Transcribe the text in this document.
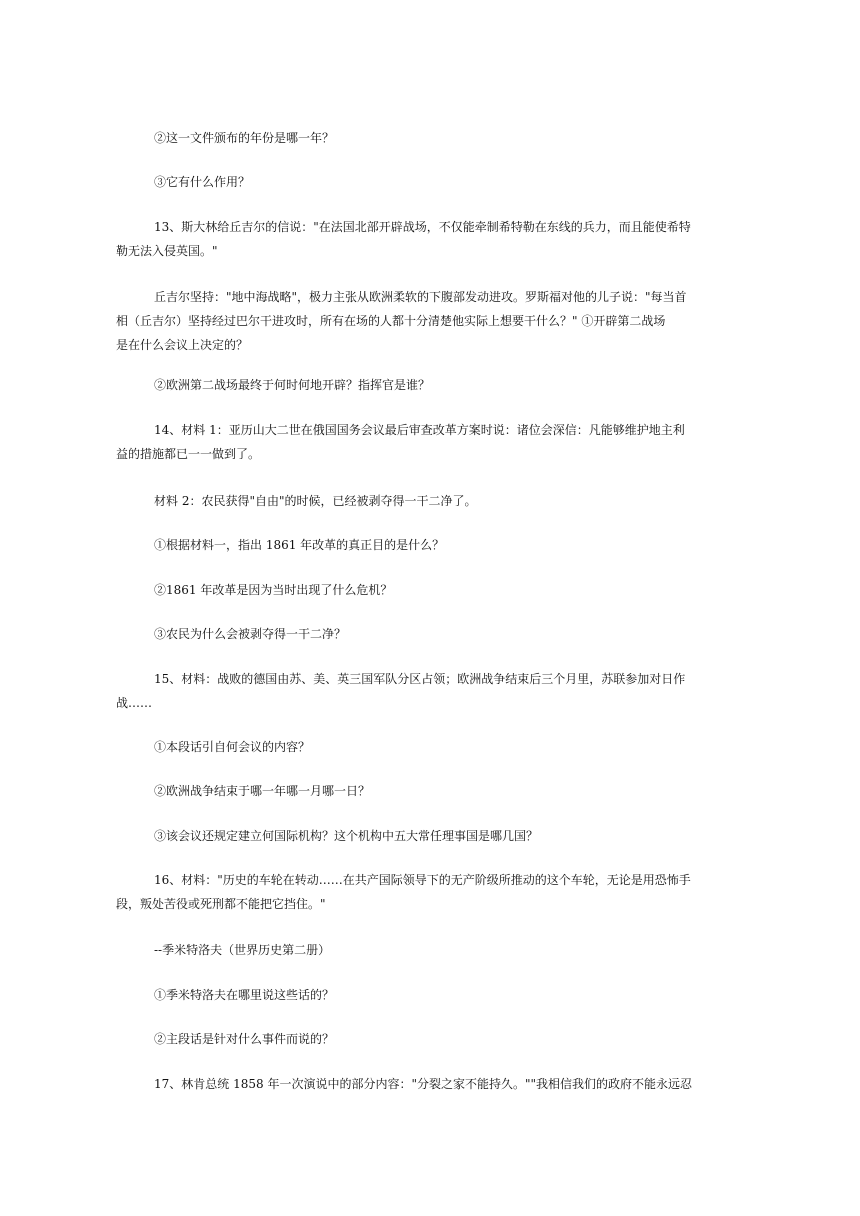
②这一文件颁布的年份是哪一年？

③它有什么作用？

13、斯大林给丘吉尔的信说："在法国北部开辟战场，不仅能牵制希特勒在东线的兵力，而且能使希特
勒无法入侵英国。"

丘吉尔坚持："地中海战略"，极力主张从欧洲柔软的下腹部发动进攻。罗斯福对他的儿子说："每当首
相（丘吉尔）坚持经过巴尔干进攻时，所有在场的人都十分清楚他实际上想要干什么？" ①开辟第二战场
是在什么会议上决定的？

②欧洲第二战场最终于何时何地开辟？指挥官是谁？

14、材料 1：亚历山大二世在俄国国务会议最后审查改革方案时说：诸位会深信：凡能够维护地主利
益的措施都已一一做到了。

材料 2：农民获得"自由"的时候，已经被剥夺得一干二净了。

①根据材料一，指出 1861 年改革的真正目的是什么？

②1861 年改革是因为当时出现了什么危机？

③农民为什么会被剥夺得一干二净？

15、材料：战败的德国由苏、美、英三国军队分区占领；欧洲战争结束后三个月里，苏联参加对日作
战……

①本段话引自何会议的内容？

②欧洲战争结束于哪一年哪一月哪一日？

③该会议还规定建立何国际机构？这个机构中五大常任理事国是哪几国？

16、材料："历史的车轮在转动……在共产国际领导下的无产阶级所推动的这个车轮，无论是用恐怖手
段，叛处苦役或死刑都不能把它挡住。"

--季米特洛夫（世界历史第二册）

①季米特洛夫在哪里说这些话的？

②主段话是针对什么事件而说的？

17、林肯总统 1858 年一次演说中的部分内容："分裂之家不能持久。""我相信我们的政府不能永远忍
